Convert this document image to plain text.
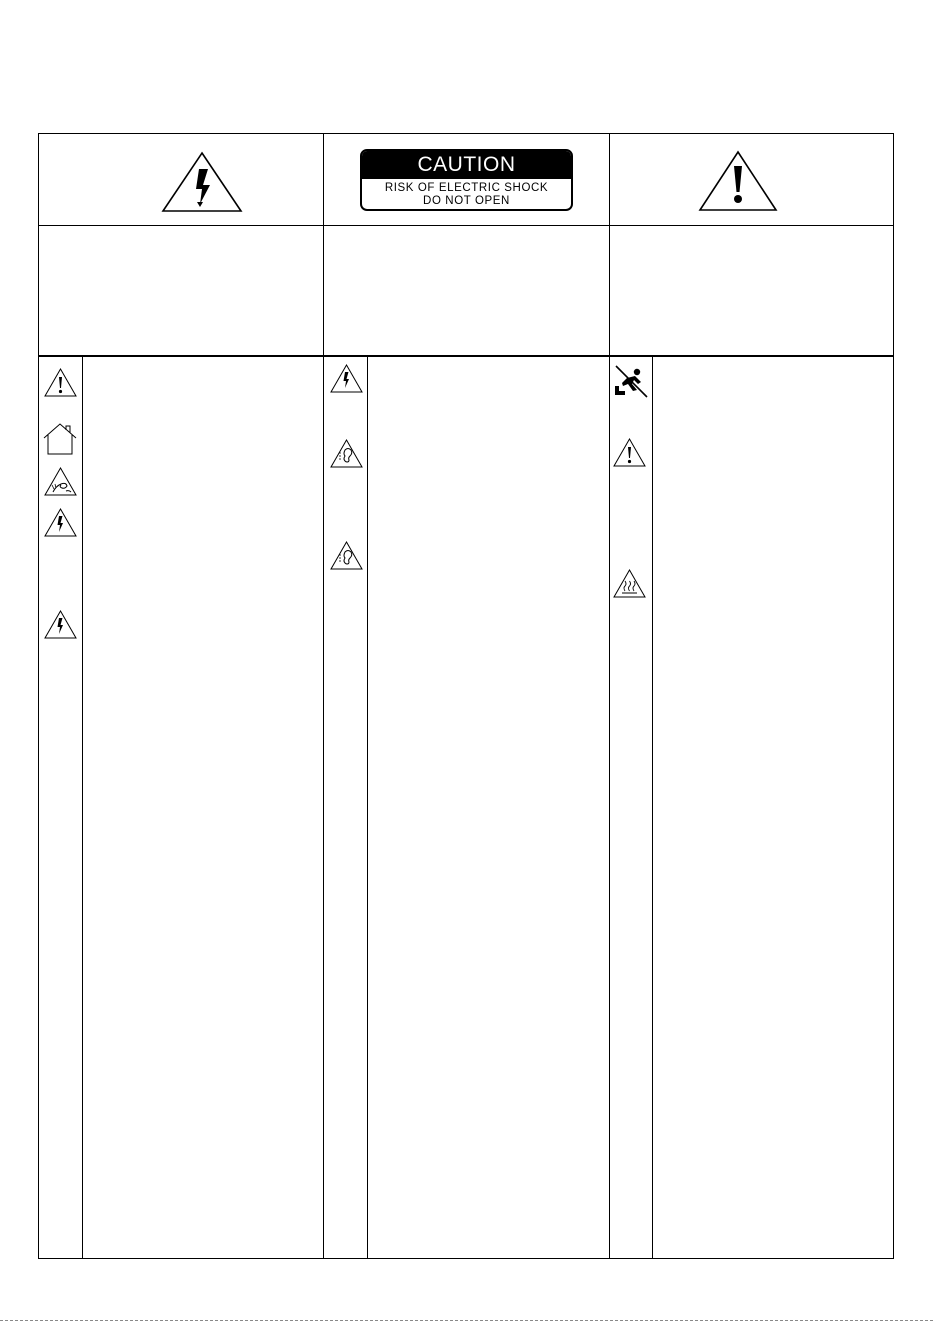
CAUTION
RISK OF ELECTRIC SHOCK
DO NOT OPEN
